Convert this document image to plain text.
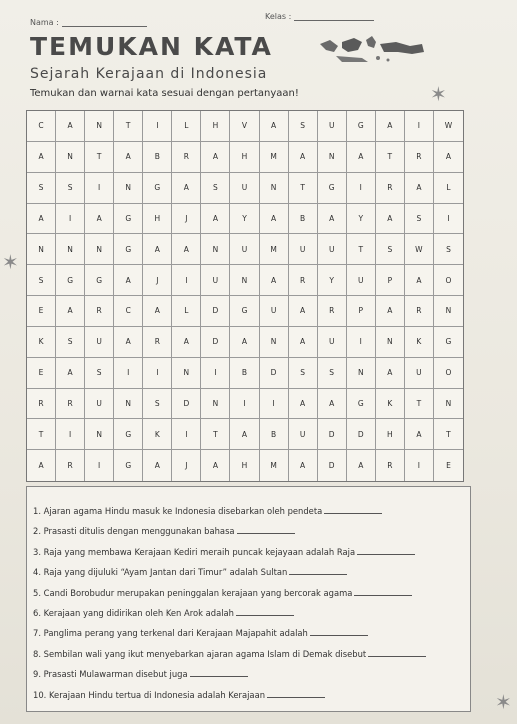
Nama :
Kelas :
TEMUKAN KATA
Sejarah Kerajaan di Indonesia
Temukan dan warnai kata sesuai dengan pertanyaan!	✶
✶
✶
C	A	N	T	I	L	H	V	A	S	U	G	A	I	W
A	N	T	A	B	R	A	H	M	A	N	A	T	R	A
S	S	I	N	G	A	S	U	N	T	G	I	R	A	L
A	I	A	G	H	J	A	Y	A	B	A	Y	A	S	I
N	N	N	G	A	A	N	U	M	U	U	T	S	W	S
S	G	G	A	J	I	U	N	A	R	Y	U	P	A	O
E	A	R	C	A	L	D	G	U	A	R	P	A	R	N
K	S	U	A	R	A	D	A	N	A	U	I	N	K	G
E	A	S	I	I	N	I	B	D	S	S	N	A	U	O
R	R	U	N	S	D	N	I	I	A	A	G	K	T	N
T	I	N	G	K	I	T	A	B	U	D	D	H	A	T
A	R	I	G	A	J	A	H	M	A	D	A	R	I	E
1. Ajaran agama Hindu masuk ke Indonesia disebarkan oleh pendeta
2. Prasasti ditulis dengan menggunakan bahasa
3. Raja yang membawa Kerajaan Kediri meraih puncak kejayaan adalah Raja
4. Raja yang dijuluki “Ayam Jantan dari Timur” adalah Sultan
5. Candi Borobudur merupakan peninggalan kerajaan yang bercorak agama
6. Kerajaan yang didirikan oleh Ken Arok adalah
7. Panglima perang yang terkenal dari Kerajaan Majapahit adalah
8. Sembilan wali yang ikut menyebarkan ajaran agama Islam di Demak disebut
9. Prasasti Mulawarman disebut juga
10. Kerajaan Hindu tertua di Indonesia adalah Kerajaan
